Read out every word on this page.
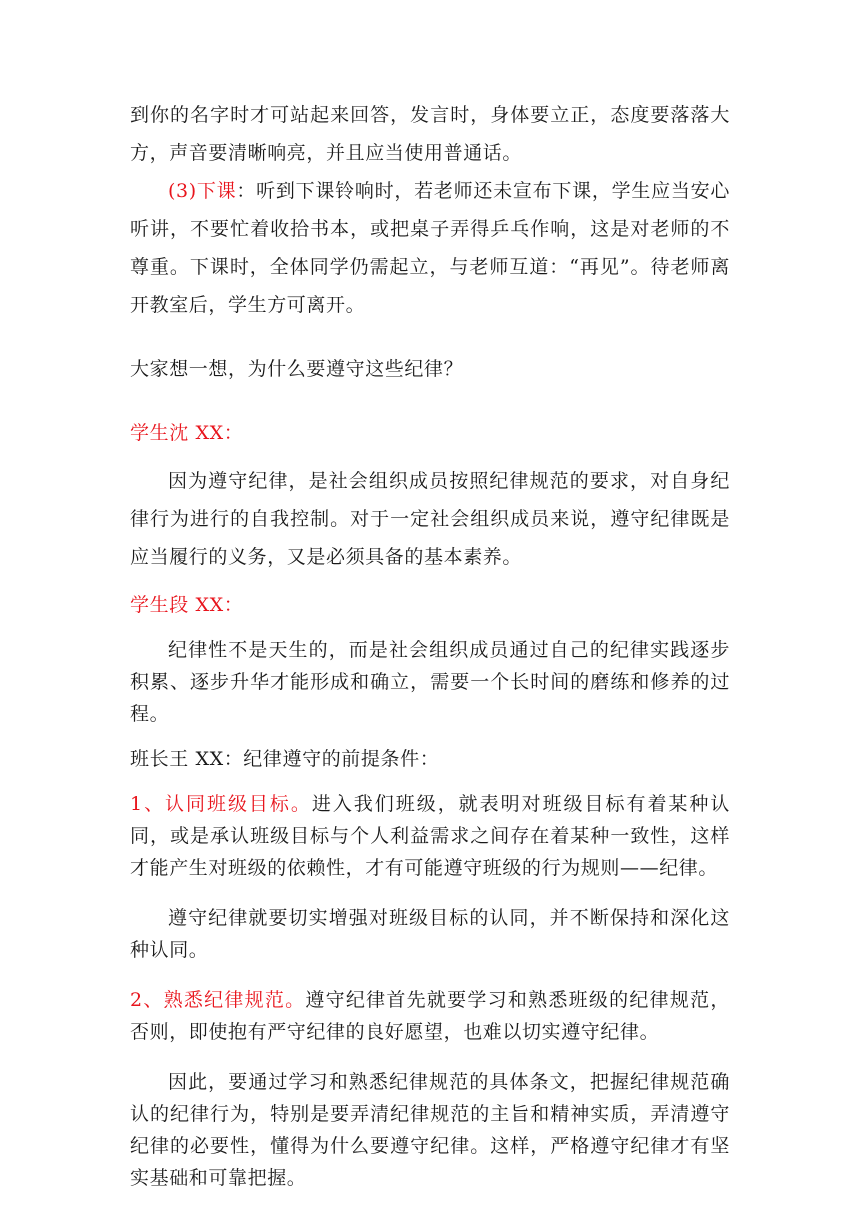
到你的名字时才可站起来回答，发言时，身体要立正，态度要落落大方，声音要清晰响亮，并且应当使用普通话。

(3)下课：听到下课铃响时，若老师还未宣布下课，学生应当安心听讲，不要忙着收拾书本，或把桌子弄得乒乓作响，这是对老师的不尊重。下课时，全体同学仍需起立，与老师互道：“再见”。待老师离开教室后，学生方可离开。

大家想一想，为什么要遵守这些纪律？

学生沈 XX：

因为遵守纪律，是社会组织成员按照纪律规范的要求，对自身纪律行为进行的自我控制。对于一定社会组织成员来说，遵守纪律既是应当履行的义务，又是必须具备的基本素养。

学生段 XX：

纪律性不是天生的，而是社会组织成员通过自己的纪律实践逐步积累、逐步升华才能形成和确立，需要一个长时间的磨练和修养的过程。

班长王 XX：纪律遵守的前提条件：

1、认同班级目标。进入我们班级，就表明对班级目标有着某种认同，或是承认班级目标与个人利益需求之间存在着某种一致性，这样才能产生对班级的依赖性，才有可能遵守班级的行为规则——纪律。

遵守纪律就要切实增强对班级目标的认同，并不断保持和深化这种认同。

2、熟悉纪律规范。遵守纪律首先就要学习和熟悉班级的纪律规范，否则，即使抱有严守纪律的良好愿望，也难以切实遵守纪律。

因此，要通过学习和熟悉纪律规范的具体条文，把握纪律规范确认的纪律行为，特别是要弄清纪律规范的主旨和精神实质，弄清遵守纪律的必要性，懂得为什么要遵守纪律。这样，严格遵守纪律才有坚实基础和可靠把握。
